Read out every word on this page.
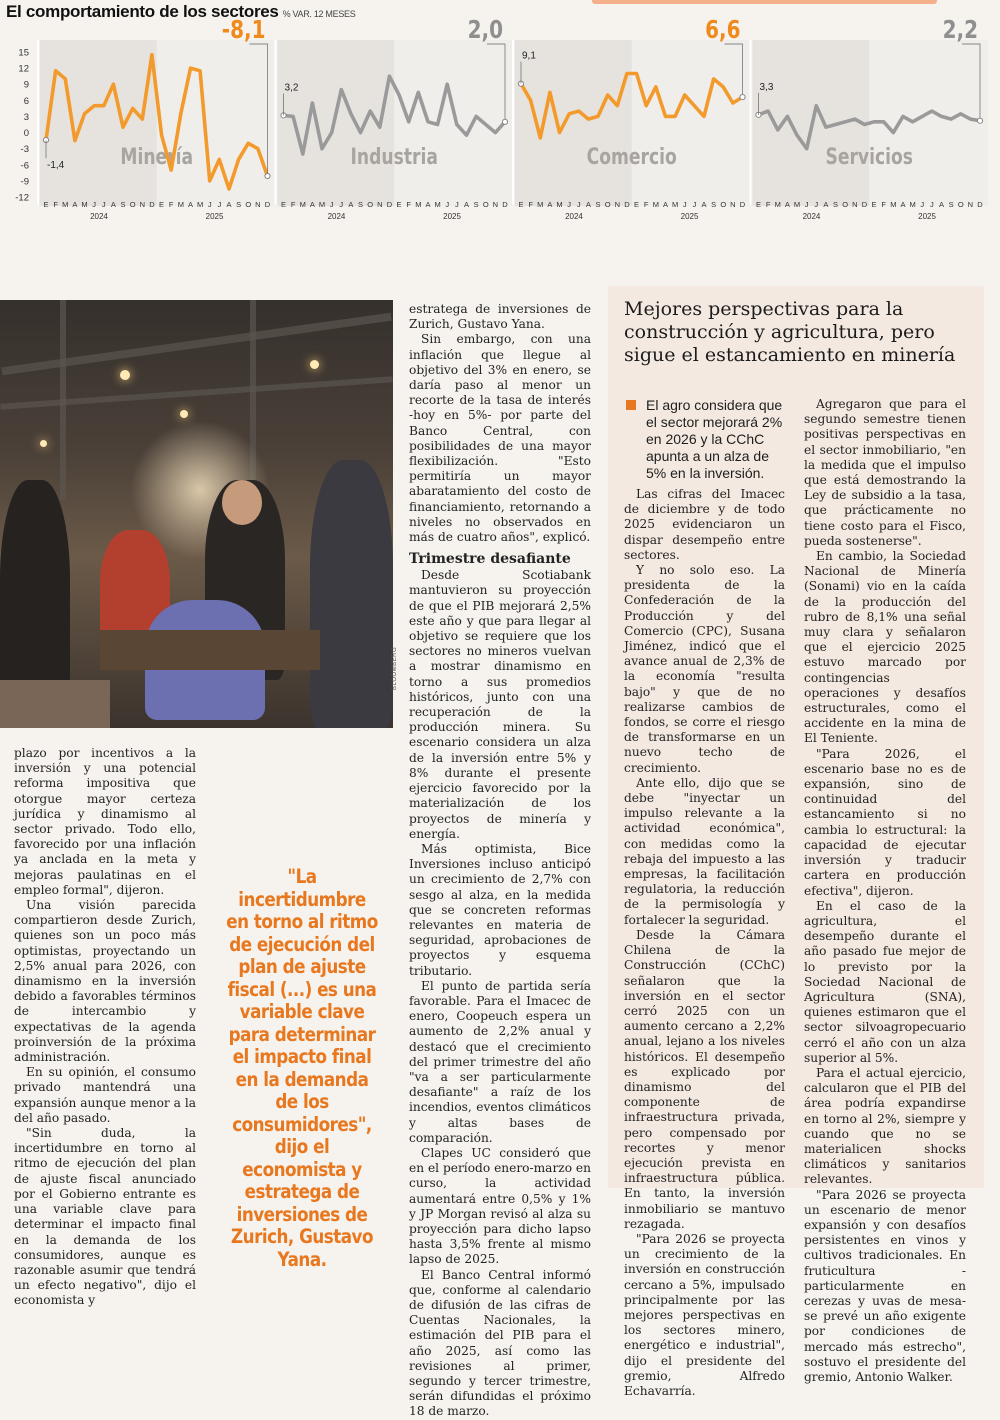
El comportamiento de los sectores % VAR. 12 MESES
15
12
9
6
3
0
-3
-6
-9
-12
Minería
-1,4
-8,1
E F M A M J J A S O N D E F M A M J J A S O N D
2024	2025
Industria
3,2
2,0
E F M A M J J A S O N D E F M A M J J A S O N D
2024	2025
Comercio
9,1
6,6
E F M A M J J A S O N D E F M A M J J A S O N D
2024	2025
Servicios
3,3
2,2
E F M A M J J A S O N D E F M A M J J A S O N D
2024	2025
BLOOMBERG

plazo por incentivos a la inversión y una potencial reforma impositiva que otorgue mayor certeza jurídica y dinamismo al sector privado. Todo ello, favorecido por una inflación ya anclada en la meta y mejoras paulatinas en el empleo formal", dijeron.

Una visión parecida compartieron desde Zurich, quienes son un poco más optimistas, proyectando un 2,5% anual para 2026, con dinamismo en la inversión debido a favorables términos de intercambio y expectativas de la agenda proinversión de la próxima administración.

En su opinión, el consumo privado mantendrá una expansión aunque menor a la del año pasado.

"Sin duda, la incertidumbre en torno al ritmo de ejecución del plan de ajuste fiscal anunciado por el Gobierno entrante es una variable clave para determinar el impacto final en la demanda de los consumidores, aunque es razonable asumir que tendrá un efecto negativo", dijo el economista y

"La incertidumbre en torno al ritmo de ejecución del plan de ajuste fiscal (...) es una variable clave para determinar el impacto final en la demanda de los consumidores", dijo el economista y estratega de inversiones de Zurich, Gustavo Yana.

estratega de inversiones de Zurich, Gustavo Yana.

Sin embargo, con una inflación que llegue al objetivo del 3% en enero, se daría paso al menor un recorte de la tasa de interés -hoy en 5%- por parte del Banco Central, con posibilidades de una mayor flexibilización. "Esto permitiría un mayor abaratamiento del costo de financiamiento, retornando a niveles no observados en más de cuatro años", explicó.

Trimestre desafiante

Desde Scotiabank mantuvieron su proyección de que el PIB mejorará 2,5% este año y que para llegar al objetivo se requiere que los sectores no mineros vuelvan a mostrar dinamismo en torno a sus promedios históricos, junto con una recuperación de la producción minera. Su escenario considera un alza de la inversión entre 5% y 8% durante el presente ejercicio favorecido por la materialización de los proyectos de minería y energía.

Más optimista, Bice Inversiones incluso anticipó un crecimiento de 2,7% con sesgo al alza, en la medida que se concreten reformas relevantes en materia de seguridad, aprobaciones de proyectos y esquema tributario.

El punto de partida sería favorable. Para el Imacec de enero, Coopeuch espera un aumento de 2,2% anual y destacó que el crecimiento del primer trimestre del año "va a ser particularmente desafiante" a raíz de los incendios, eventos climáticos y altas bases de comparación.

Clapes UC consideró que en el período enero-marzo en curso, la actividad aumentará entre 0,5% y 1% y JP Morgan revisó al alza su proyección para dicho lapso hasta 3,5% frente al mismo lapso de 2025.

El Banco Central informó que, conforme al calendario de difusión de las cifras de Cuentas Nacionales, la estimación del PIB para el año 2025, así como las revisiones al primer, segundo y tercer trimestre, serán difundidas el próximo 18 de marzo.

Mejores perspectivas para la construcción y agricultura, pero sigue el estancamiento en minería
El agro considera que el sector mejorará 2% en 2026 y la CChC apunta a un alza de 5% en la inversión.

Las cifras del Imacec de diciembre y de todo 2025 evidenciaron un dispar desempeño entre sectores.

Y no solo eso. La presidenta de la Confederación de la Producción y del Comercio (CPC), Susana Jiménez, indicó que el avance anual de 2,3% de la economía "resulta bajo" y que de no realizarse cambios de fondos, se corre el riesgo de transformarse en un nuevo techo de crecimiento.

Ante ello, dijo que se debe "inyectar un impulso relevante a la actividad económica", con medidas como la rebaja del impuesto a las empresas, la facilitación regulatoria, la reducción de la permisología y fortalecer la seguridad.

Desde la Cámara Chilena de la Construcción (CChC) señalaron que la inversión en el sector cerró 2025 con un aumento cercano a 2,2% anual, lejano a los niveles históricos. El desempeño es explicado por dinamismo del componente de infraestructura privada, pero compensado por recortes y menor ejecución prevista en infraestructura pública. En tanto, la inversión inmobiliario se mantuvo rezagada.

"Para 2026 se proyecta un crecimiento de la inversión en construcción cercano a 5%, impulsado principalmente por las mejores perspectivas en los sectores minero, energético e industrial", dijo el presidente del gremio, Alfredo Echavarría.

Agregaron que para el segundo semestre tienen positivas perspectivas en el sector inmobiliario, "en la medida que el impulso que está demostrando la Ley de subsidio a la tasa, que prácticamente no tiene costo para el Fisco, pueda sostenerse".

En cambio, la Sociedad Nacional de Minería (Sonami) vio en la caída de la producción del rubro de 8,1% una señal muy clara y señalaron que el ejercicio 2025 estuvo marcado por contingencias operaciones y desafíos estructurales, como el accidente en la mina de El Teniente.

"Para 2026, el escenario base no es de expansión, sino de continuidad del estancamiento si no cambia lo estructural: la capacidad de ejecutar inversión y traducir cartera en producción efectiva", dijeron.

En el caso de la agricultura, el desempeño durante el año pasado fue mejor de lo previsto por la Sociedad Nacional de Agricultura (SNA), quienes estimaron que el sector silvoagropecuario cerró el año con un alza superior al 5%.

Para el actual ejercicio, calcularon que el PIB del área podría expandirse en torno al 2%, siempre y cuando que no se materialicen shocks climáticos y sanitarios relevantes.

"Para 2026 se proyecta un escenario de menor expansión y con desafíos persistentes en vinos y cultivos tradicionales. En fruticultura -particularmente en cerezas y uvas de mesa- se prevé un año exigente por condiciones de mercado más estrecho", sostuvo el presidente del gremio, Antonio Walker.
